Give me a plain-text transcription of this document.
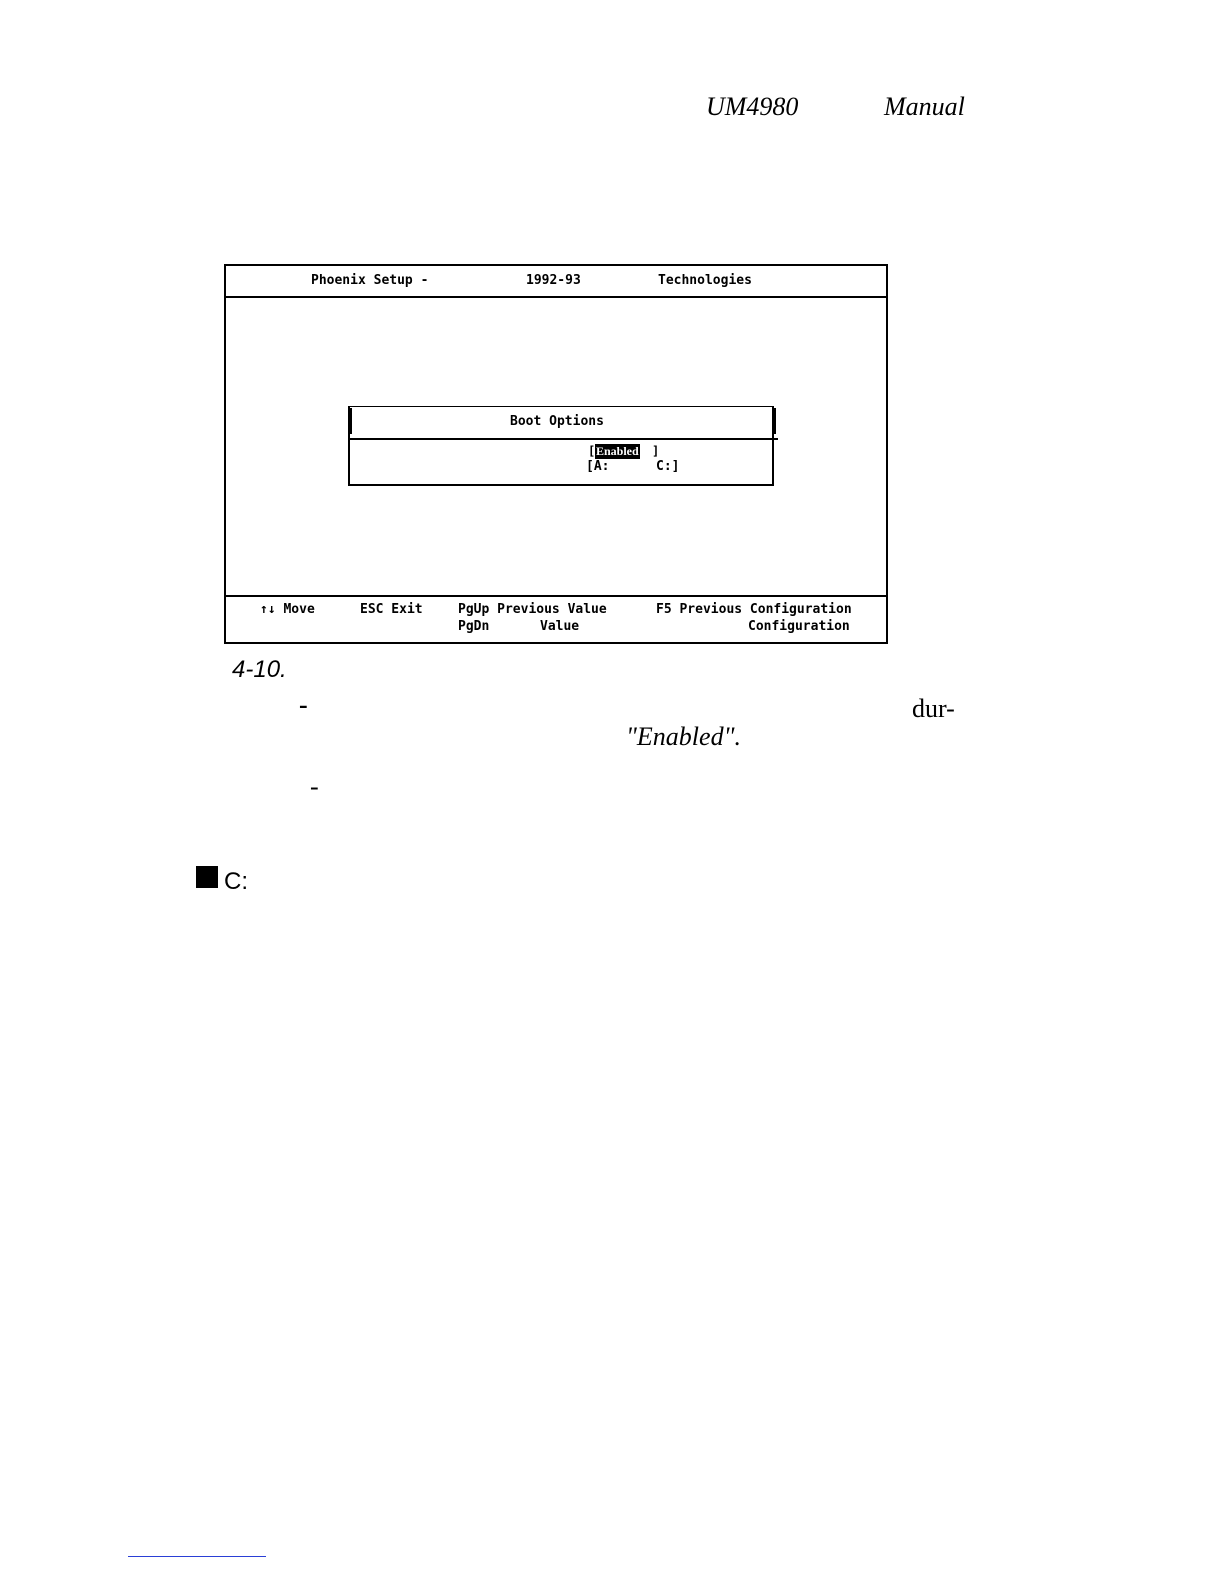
UM4980	Manual
Phoenix Setup -	1992-93	Technologies
Boot Options
[ Enabled ]
[A:	C:]
↑↓ Move	ESC Exit	PgUp Previous Value
PgDn	Value
F5 Previous Configuration
Configuration
4-10.
-	dur-
"Enabled".
-
C:
